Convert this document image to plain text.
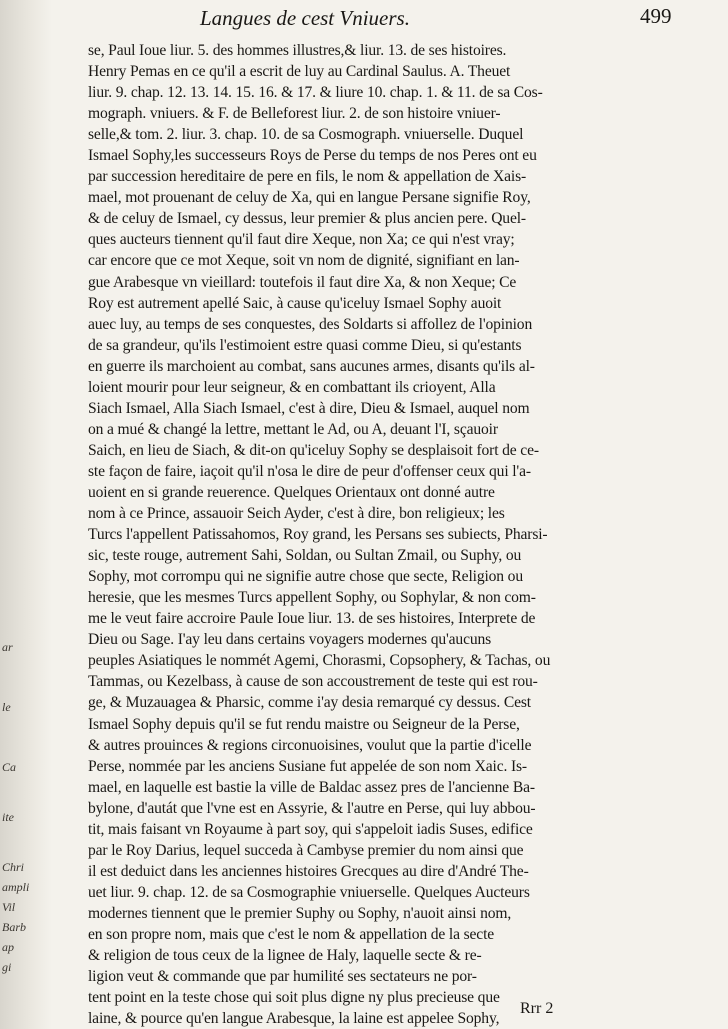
ar
le
Ca
ite
Chri
ampli
Vil
Barb
ap
gi
Langues de cest Vniuers.	499
se, Paul Ioue liur. 5. des hommes illustres,& liur. 13. de ses histoires.
Henry Pemas en ce qu'il a escrit de luy au Cardinal Saulus. A. Theuet
liur. 9. chap. 12. 13. 14. 15. 16. & 17. & liure 10. chap. 1. & 11. de sa Cos-
mograph. vniuers. & F. de Belleforest liur. 2. de son histoire vniuer-
selle,& tom. 2. liur. 3. chap. 10. de sa Cosmograph. vniuerselle. Duquel
Ismael Sophy,les successeurs Roys de Perse du temps de nos Peres ont eu
par succession hereditaire de pere en fils, le nom & appellation de Xais-
mael, mot prouenant de celuy de Xa, qui en langue Persane signifie Roy,
& de celuy de Ismael, cy dessus, leur premier & plus ancien pere. Quel-
ques aucteurs tiennent qu'il faut dire Xeque, non Xa; ce qui n'est vray;
car encore que ce mot Xeque, soit vn nom de dignité, signifiant en lan-
gue Arabesque vn vieillard: toutefois il faut dire Xa, & non Xeque; Ce
Roy est autrement apellé Saic, à cause qu'iceluy Ismael Sophy auoit
auec luy, au temps de ses conquestes, des Soldarts si affollez de l'opinion
de sa grandeur, qu'ils l'estimoient estre quasi comme Dieu, si qu'estants
en guerre ils marchoient au combat, sans aucunes armes, disants qu'ils al-
loient mourir pour leur seigneur, & en combattant ils crioyent, Alla
Siach Ismael, Alla Siach Ismael, c'est à dire, Dieu & Ismael, auquel nom
on a mué & changé la lettre, mettant le Ad, ou A, deuant l'I, sçauoir
Saich, en lieu de Siach, & dit-on qu'iceluy Sophy se desplaisoit fort de ce-
ste façon de faire, iaçoit qu'il n'osa le dire de peur d'offenser ceux qui l'a-
uoient en si grande reuerence. Quelques Orientaux ont donné autre
nom à ce Prince, assauoir Seich Ayder, c'est à dire, bon religieux; les
Turcs l'appellent Patissahomos, Roy grand, les Persans ses subiects, Pharsi-
sic, teste rouge, autrement Sahi, Soldan, ou Sultan Zmail, ou Suphy, ou
Sophy, mot corrompu qui ne signifie autre chose que secte, Religion ou
heresie, que les mesmes Turcs appellent Sophy, ou Sophylar, & non com-
me le veut faire accroire Paule Ioue liur. 13. de ses histoires, Interprete de
Dieu ou Sage. I'ay leu dans certains voyagers modernes qu'aucuns
peuples Asiatiques le nommét Agemi, Chorasmi, Copsophery, & Tachas, ou
Tammas, ou Kezelbass, à cause de son accoustrement de teste qui est rou-
ge, & Muzauagea & Pharsic, comme i'ay desia remarqué cy dessus. Cest
Ismael Sophy depuis qu'il se fut rendu maistre ou Seigneur de la Perse,
& autres prouinces & regions circonuoisines, voulut que la partie d'icelle
Perse, nommée par les anciens Susiane fut appelée de son nom Xaic. Is-
mael, en laquelle est bastie la ville de Baldac assez pres de l'ancienne Ba-
bylone, d'autát que l'vne est en Assyrie, & l'autre en Perse, qui luy abbou-
tit, mais faisant vn Royaume à part soy, qui s'appeloit iadis Suses, edifice
par le Roy Darius, lequel succeda à Cambyse premier du nom ainsi que
il est deduict dans les anciennes histoires Grecques au dire d'André The-
uet liur. 9. chap. 12. de sa Cosmographie vniuerselle. Quelques Aucteurs
modernes tiennent que le premier Suphy ou Sophy, n'auoit ainsi nom,
en son propre nom, mais que c'est le nom & appellation de la secte
& religion de tous ceux de la lignee de Haly, laquelle secte & re-
ligion veut & commande que par humilité ses sectateurs ne por-
tent point en la teste chose qui soit plus digne ny plus precieuse que
laine, & pource qu'en langue Arabesque, la laine est appelee Sophy,
Rrr 2
